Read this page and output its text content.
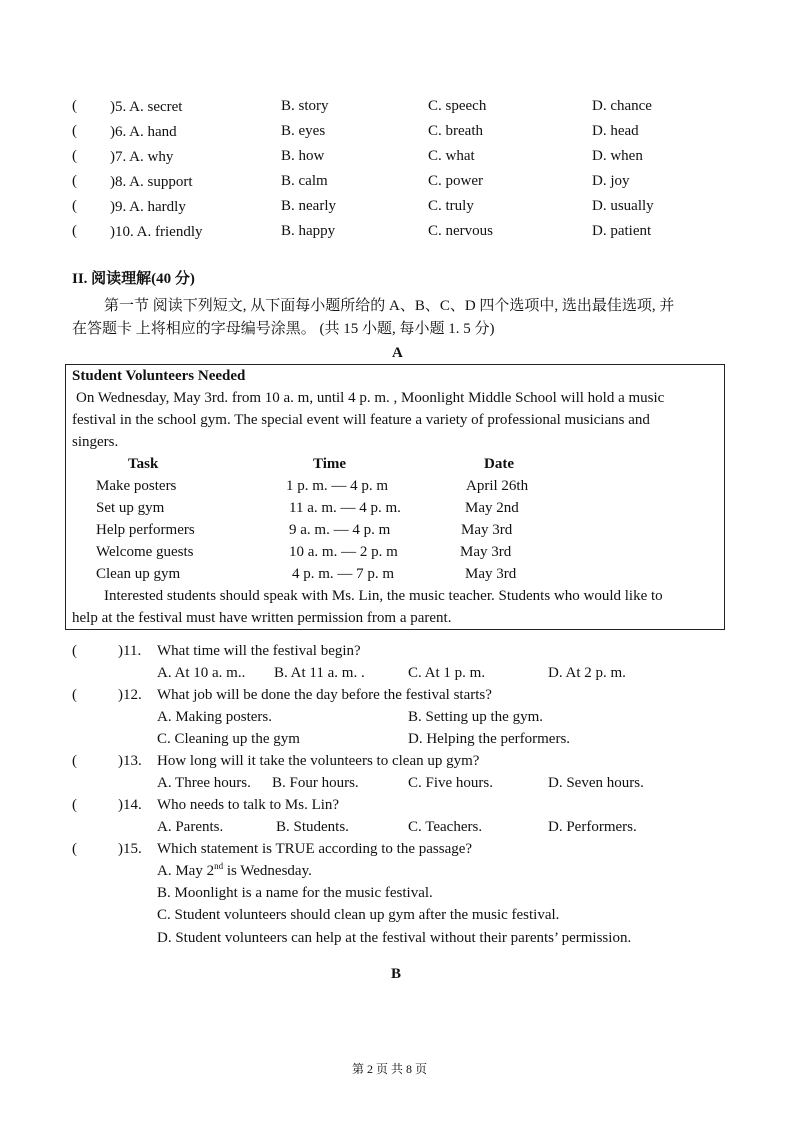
( )5. A. secret	B. story	C. speech	D. chance
( )6. A. hand	B. eyes	C. breath	D. head
( )7. A. why	B. how	C. what	D. when
( )8. A. support	B. calm	C. power	D. joy
( )9. A. hardly	B. nearly	C. truly	D. usually
( )10. A. friendly	B. happy	C. nervous	D. patient
II. 阅读理解(40 分)
第一节 阅读下列短文, 从下面每小题所给的 A、B、C、D 四个选项中, 选出最佳选项, 并
在答题卡 上将相应的字母编号涂黑。 (共 15 小题, 每小题 1. 5 分)
A
Student Volunteers Needed
On Wednesday, May 3rd. from 10 a. m, until 4 p. m. , Moonlight Middle School will hold a music
festival in the school gym. The special event will feature a variety of professional musicians and
singers.
Task	Time	Date
Make posters	1 p. m. — 4 p. m	April 26th
Set up gym	11 a. m. — 4 p. m.	May 2nd
Help performers	9 a. m. — 4 p. m	May 3rd
Welcome guests	10 a. m. — 2 p. m	May 3rd
Clean up gym	4 p. m. — 7 p. m	May 3rd
Interested students should speak with Ms. Lin, the music teacher. Students who would like to
help at the festival must have written permission from a parent.
(	)11. What time will the festival begin?
A. At 10 a. m.. B. At 11 a. m. .	C. At 1 p. m.	D. At 2 p. m.
(	)12. What job will be done the day before the festival starts?
A. Making posters.	B. Setting up the gym.
C. Cleaning up the gym	D. Helping the performers.
(	)13. How long will it take the volunteers to clean up gym?
A. Three hours. B. Four hours.	C. Five hours.	D. Seven hours.
(	)14. Who needs to talk to Ms. Lin?
A. Parents.	B. Students.	C. Teachers.	D. Performers.
(	)15. Which statement is TRUE according to the passage?
A. May 2nd is Wednesday.
B. Moonlight is a name for the music festival.
C. Student volunteers should clean up gym after the music festival.
D. Student volunteers can help at the festival without their parents’ permission.
B
第 2 页 共 8 页
